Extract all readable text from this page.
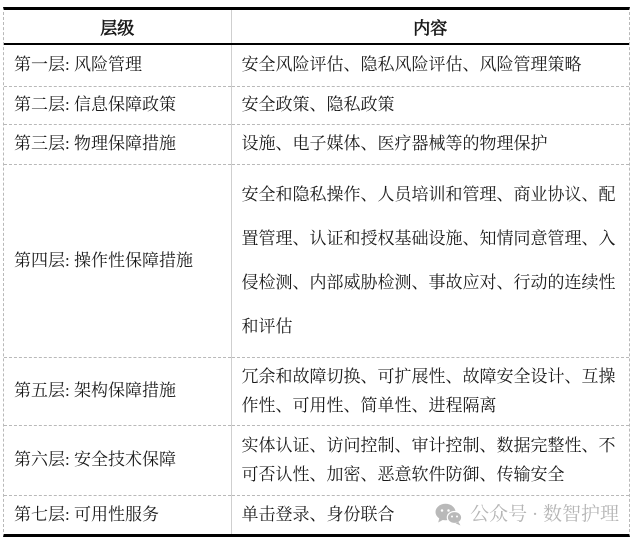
层级	内容
第一层: 风险管理	安全风险评估、隐私风险评估、风险管理策略
第二层: 信息保障政策	安全政策、隐私政策
第三层: 物理保障措施	设施、电子媒体、医疗器械等的物理保护
第四层: 操作性保障措施	安全和隐私操作、人员培训和管理、商业协议、配置管理、认证和授权基础设施、知情同意管理、入侵检测、内部威胁检测、事故应对、行动的连续性和评估
第五层: 架构保障措施	冗余和故障切换、可扩展性、故障安全设计、互操作性、可用性、简单性、进程隔离
第六层: 安全技术保障	实体认证、访问控制、审计控制、数据完整性、不可否认性、加密、恶意软件防御、传输安全
第七层: 可用性服务	单击登录、身份联合 公众号 · 数智护理
